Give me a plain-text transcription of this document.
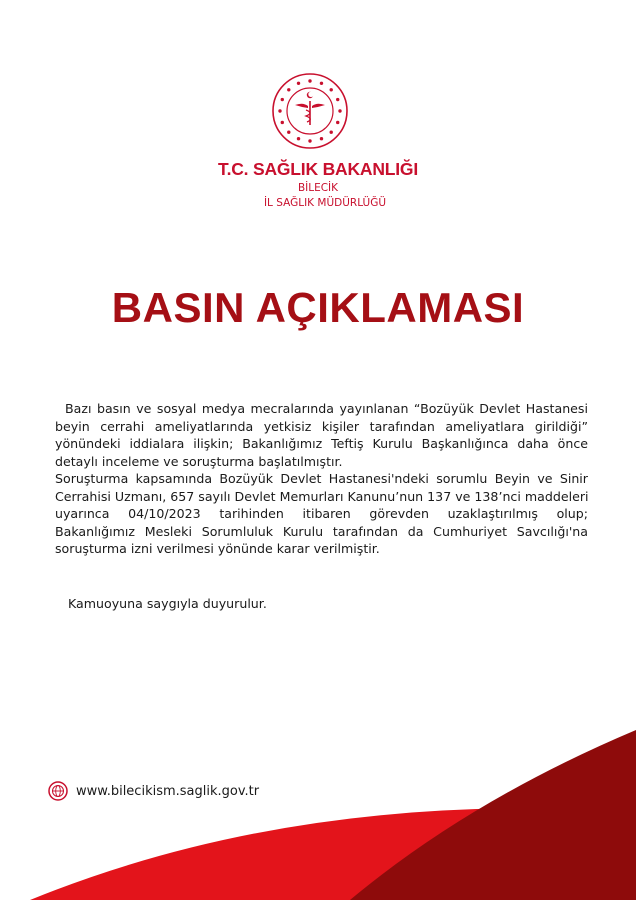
T.C. SAĞLIK BAKANLIĞI
BİLECİK
İL SAĞLIK MÜDÜRLÜĞÜ
BASIN AÇIKLAMASI
Bazı basın ve sosyal medya mecralarında yayınlanan “Bozüyük Devlet Hastanesi
beyin cerrahi ameliyatlarında yetkisiz kişiler tarafından ameliyatlara girildiği”
yönündeki iddialara ilişkin; Bakanlığımız Teftiş Kurulu Başkanlığınca daha önce
detaylı inceleme ve soruşturma başlatılmıştır.
Soruşturma kapsamında Bozüyük Devlet Hastanesi'ndeki sorumlu Beyin ve Sinir
Cerrahisi Uzmanı, 657 sayılı Devlet Memurları Kanunu’nun 137 ve 138’nci maddeleri
uyarınca 04/10/2023 tarihinden itibaren görevden uzaklaştırılmış olup;
Bakanlığımız Mesleki Sorumluluk Kurulu tarafından da Cumhuriyet Savcılığı'na
soruşturma izni verilmesi yönünde karar verilmiştir.
Kamuoyuna saygıyla duyurulur.
www.bilecikism.saglik.gov.tr
